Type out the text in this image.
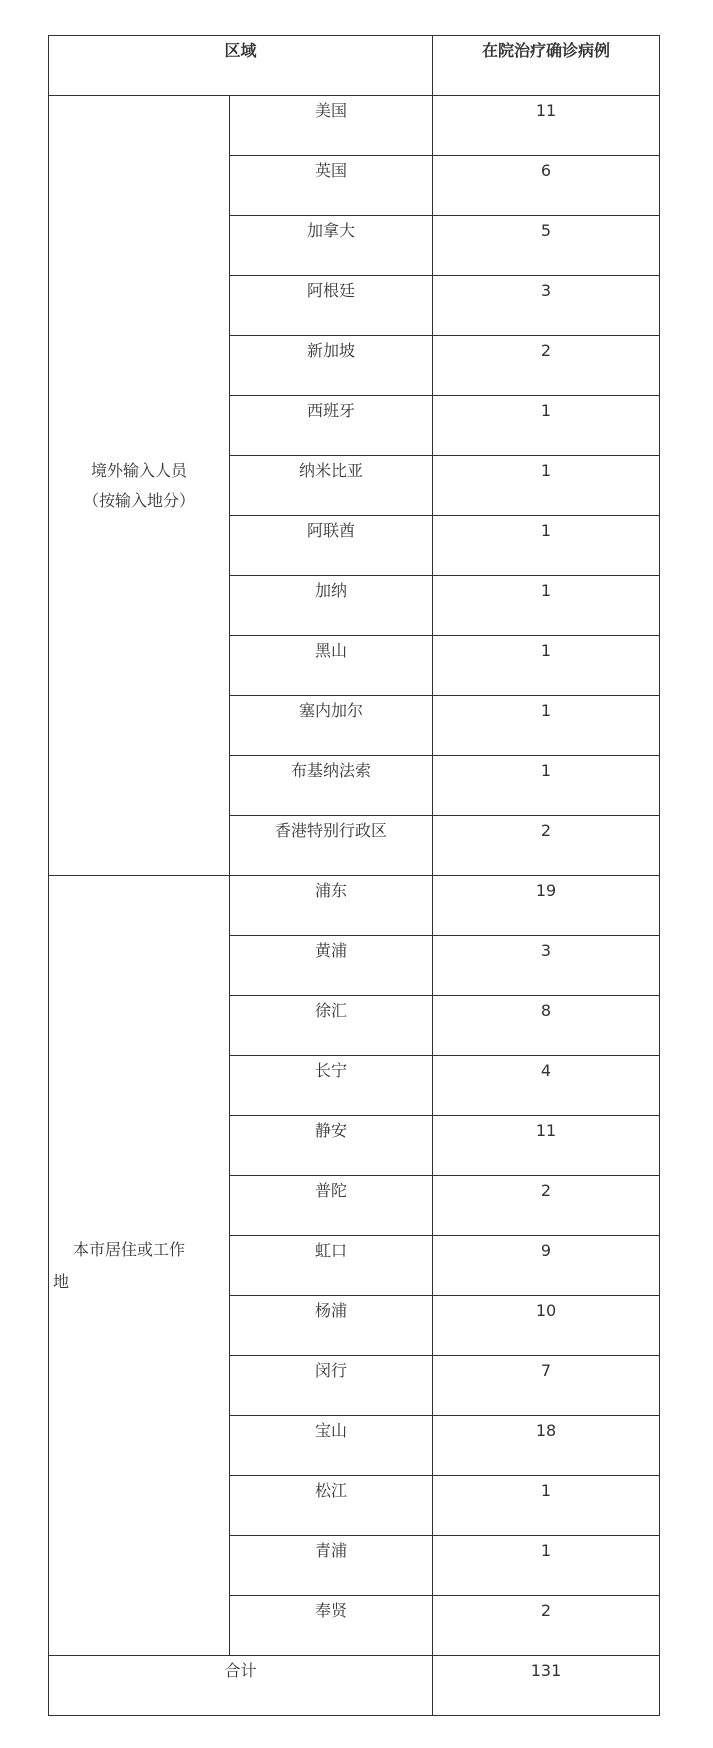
区域		在院治疗确诊病例

境外输入人员
（按输入地分）	美国	11

	英国	6

	加拿大	5

	阿根廷	3

	新加坡	2

	西班牙	1

	纳米比亚	1

	阿联酋	1

	加纳	1

	黑山	1

	塞内加尔	1

	布基纳法索	1

	香港特别行政区	2

本市居住或工作
地	浦东	19

	黄浦	3

	徐汇	8

	长宁	4

	静安	11

	普陀	2

	虹口	9

	杨浦	10

	闵行	7

	宝山	18

	松江	1

	青浦	1

	奉贤	2

合计		131
